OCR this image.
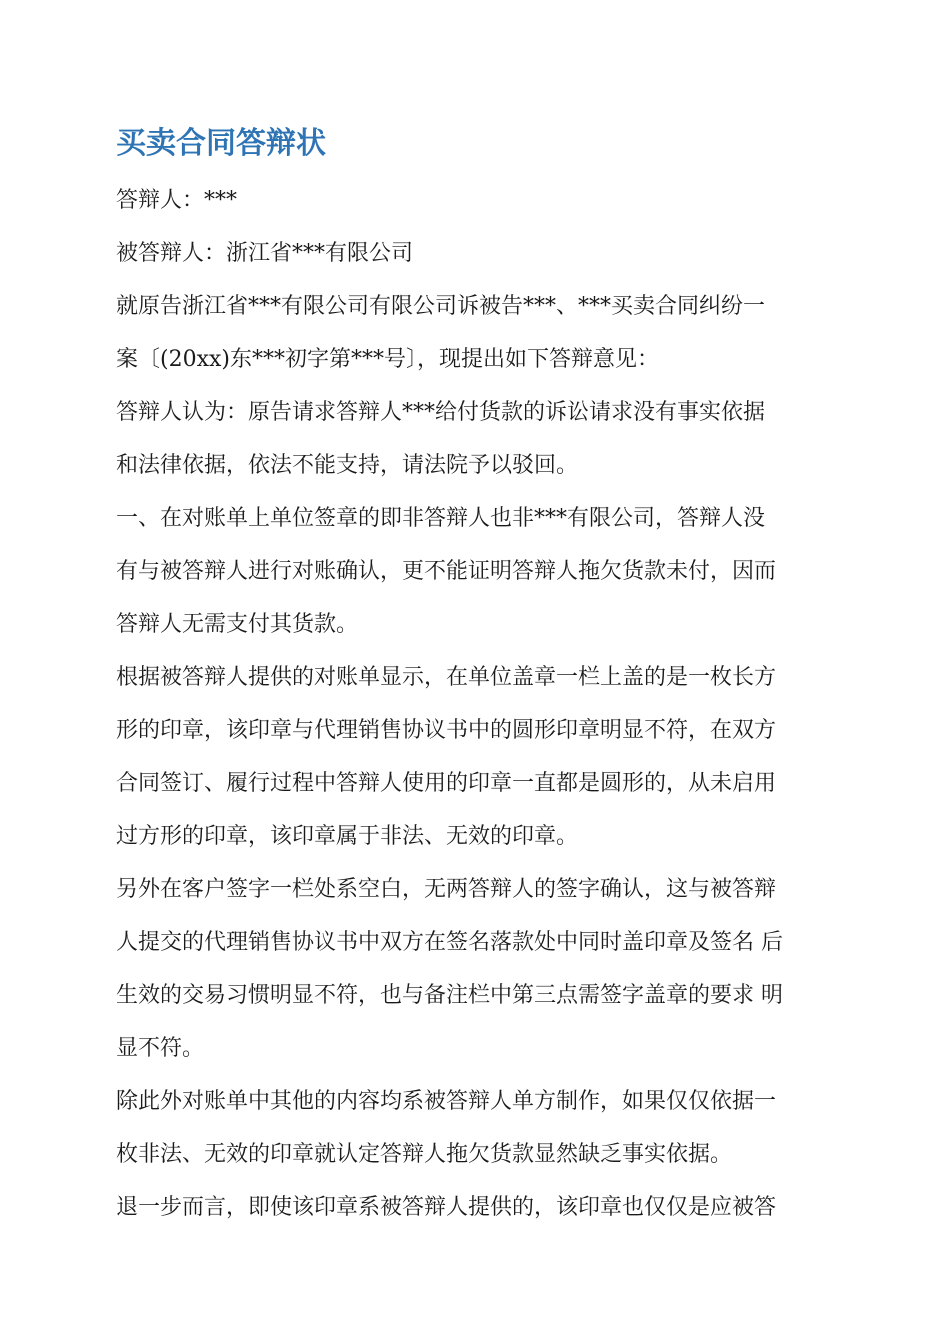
买卖合同答辩状
答辩人：***
被答辩人：浙江省***有限公司
就原告浙江省***有限公司有限公司诉被告***、***买卖合同纠纷一
案〔(20xx)东***初字第***号〕，现提出如下答辩意见：
答辩人认为：原告请求答辩人***给付货款的诉讼请求没有事实依据
和法律依据，依法不能支持，请法院予以驳回。
一、在对账单上单位签章的即非答辩人也非***有限公司，答辩人没
有与被答辩人进行对账确认，更不能证明答辩人拖欠货款未付，因而
答辩人无需支付其货款。
根据被答辩人提供的对账单显示，在单位盖章一栏上盖的是一枚长方
形的印章，该印章与代理销售协议书中的圆形印章明显不符，在双方
合同签订、履行过程中答辩人使用的印章一直都是圆形的，从未启用
过方形的印章，该印章属于非法、无效的印章。
另外在客户签字一栏处系空白，无两答辩人的签字确认，这与被答辩
人提交的代理销售协议书中双方在签名落款处中同时盖印章及签名 后
生效的交易习惯明显不符，也与备注栏中第三点需签字盖章的要求 明
显不符。
除此外对账单中其他的内容均系被答辩人单方制作，如果仅仅依据一
枚非法、无效的印章就认定答辩人拖欠货款显然缺乏事实依据。
退一步而言，即使该印章系被答辩人提供的，该印章也仅仅是应被答
